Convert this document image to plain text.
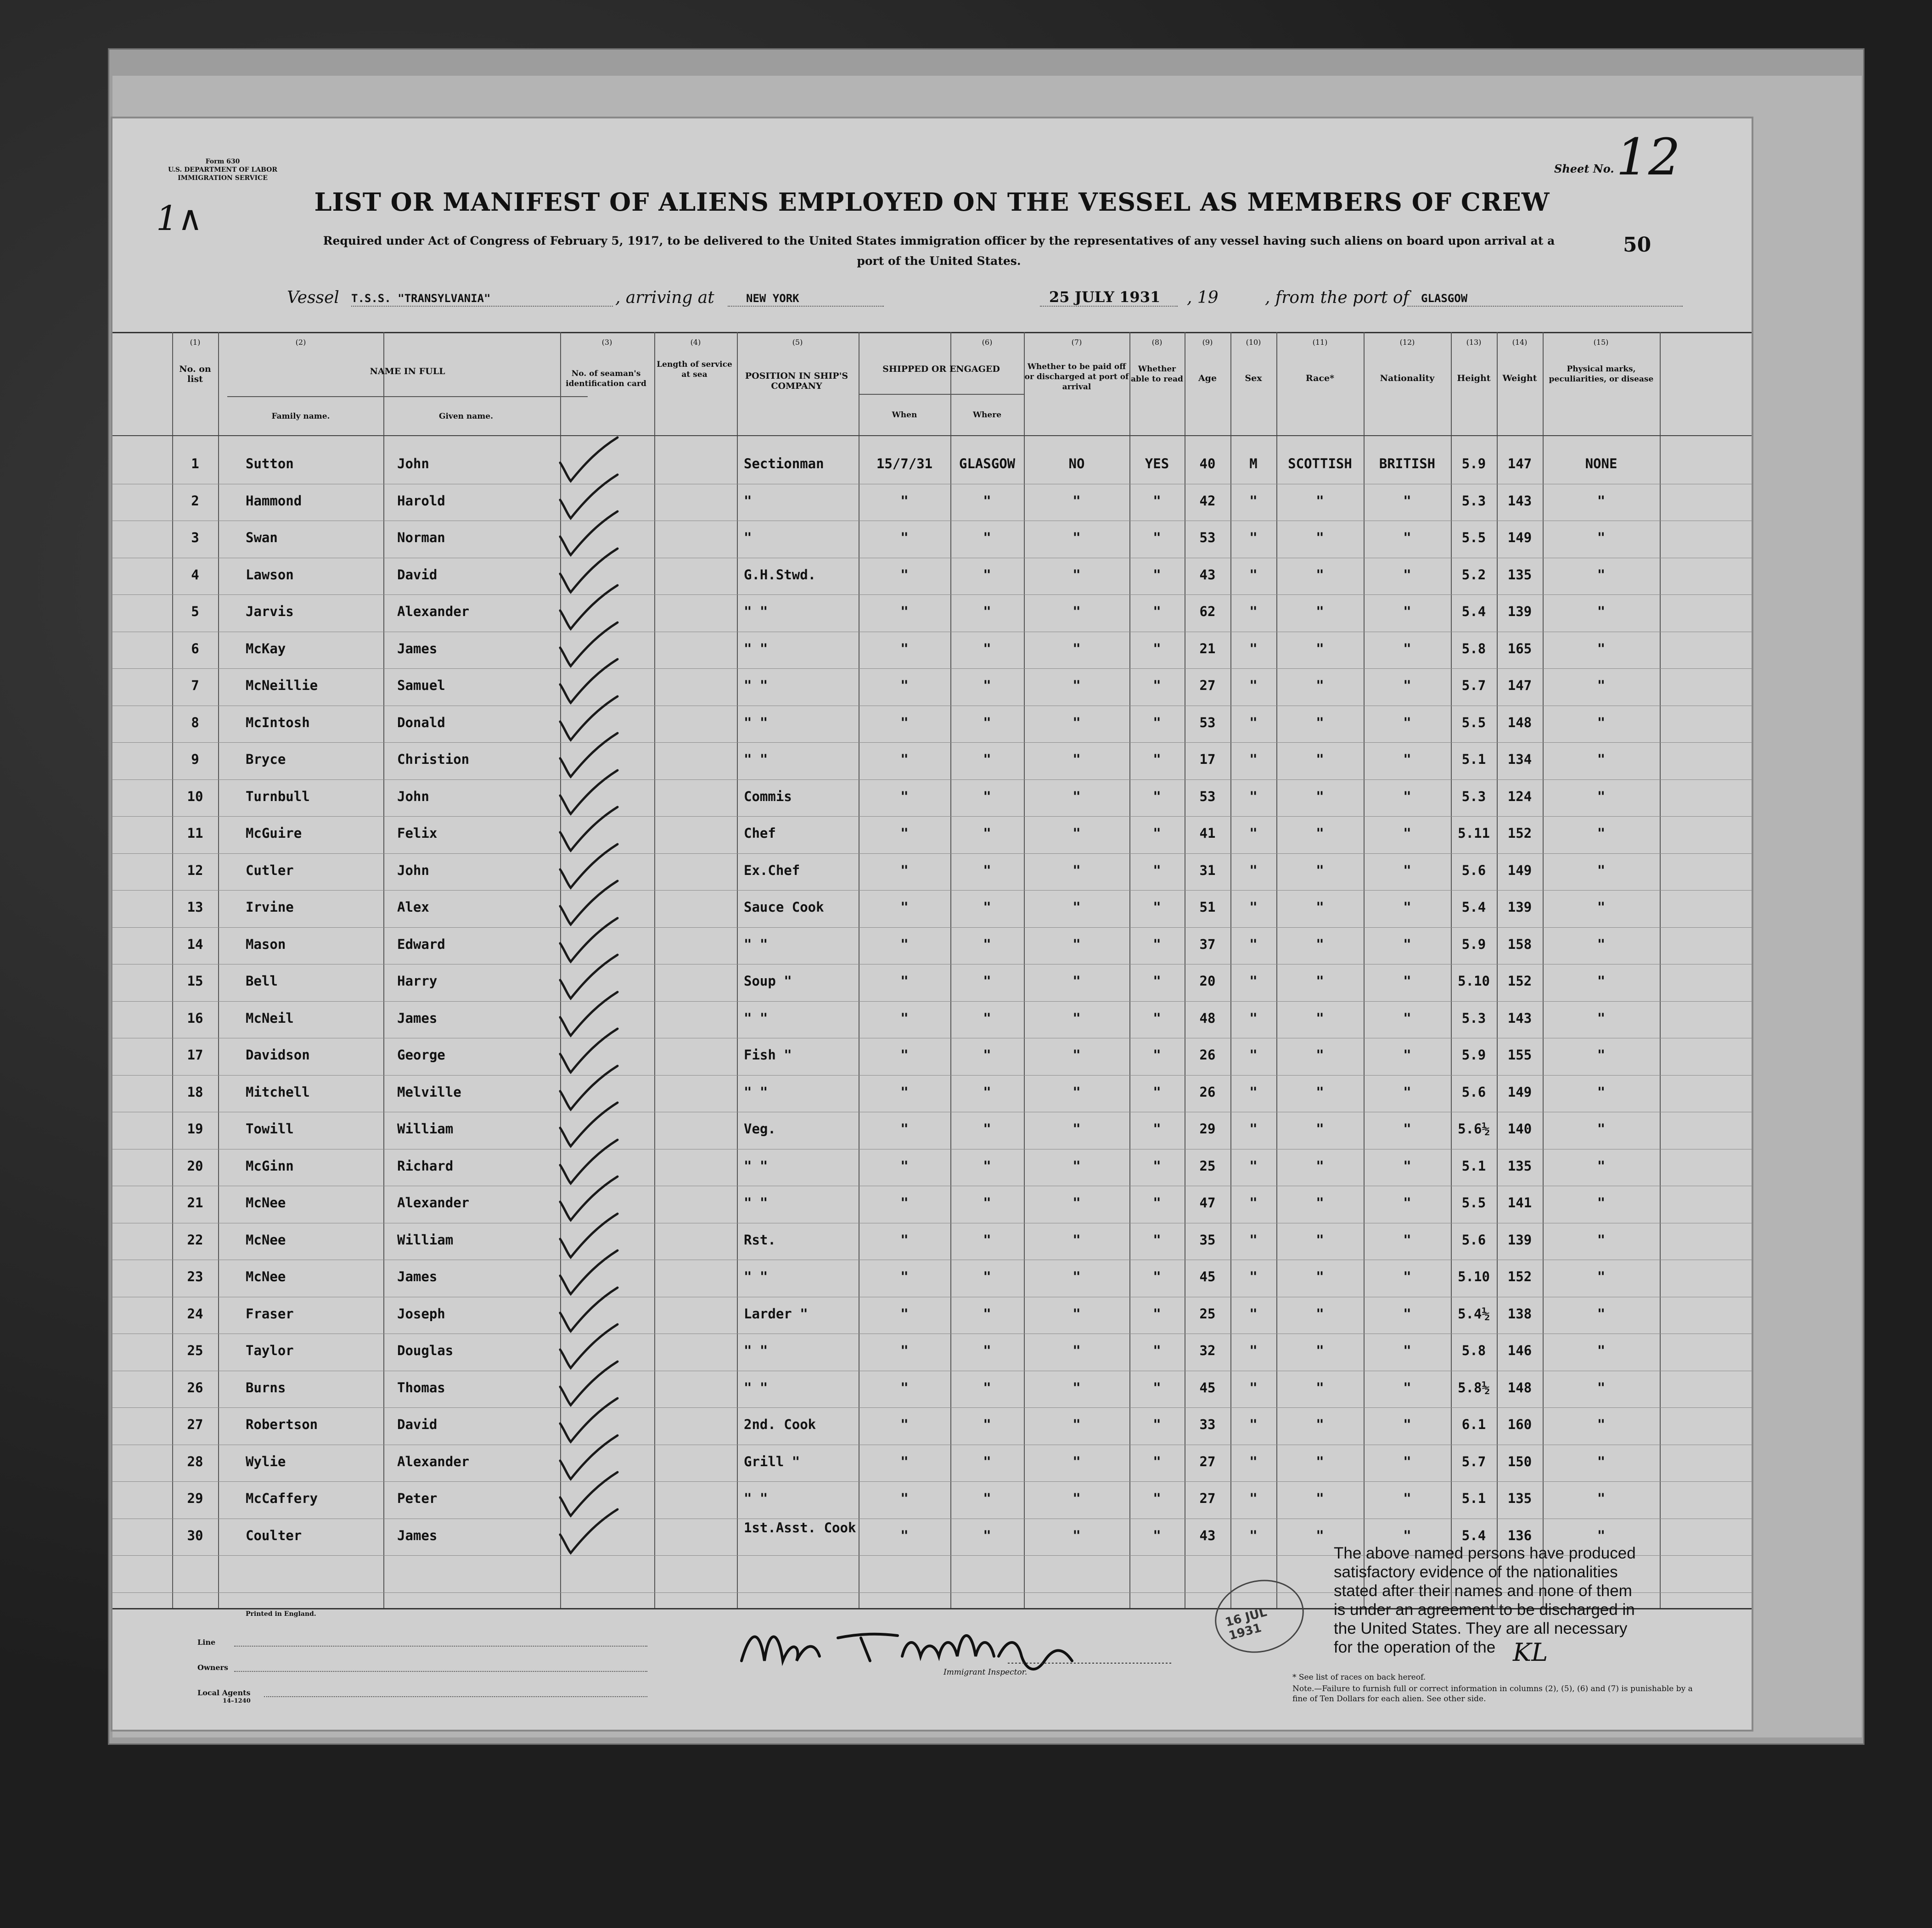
Form 630
U.S. DEPARTMENT OF LABOR
IMMIGRATION SERVICE
1∧
Sheet No. 12
LIST OR MANIFEST OF ALIENS EMPLOYED ON THE VESSEL AS MEMBERS OF CREW
Required under Act of Congress of February 5, 1917, to be delivered to the United States immigration officer by the representatives of any vessel having such aliens on board upon arrival at a port of the United States.
50
Vessel T.S.S. "TRANSYLVANIA"	, arriving at	NEW YORK	25 JULY 1931 , 19	, from the port of GLASGOW
(1)	(2)	(3)	(4)	(5)	(6)	(7)	(8)	(9)	(10)	(11)	(12)	(13)	(14)	(15)
No. on list
NAME IN FULL
Family name.	Given name.
No. of seaman's identification card
Length of service at sea	POSITION IN SHIP'S COMPANY
SHIPPED OR ENGAGED
When	Where
Whether to be paid off or discharged at port of arrival
Whether able to read	Age	Sex	Race*	Nationality	Height	Weight
Physical marks, peculiarities, or disease
1	Sutton	John	Sectionman	15/7/31	GLASGOW	NO	YES	40	M	SCOTTISH	BRITISH	5.9	147	NONE
2	Hammond	Harold	"	"	"	"	"	42	"	"	"	5.3	143	"
3	Swan	Norman	"	"	"	"	"	53	"	"	"	5.5	149	"
4	Lawson	David	G.H.Stwd.	"	"	"	"	43	"	"	"	5.2	135	"
5	Jarvis	Alexander	" "	"	"	"	"	62	"	"	"	5.4	139	"
6	McKay	James	" "	"	"	"	"	21	"	"	"	5.8	165	"
7	McNeillie	Samuel	" "	"	"	"	"	27	"	"	"	5.7	147	"
8	McIntosh	Donald	" "	"	"	"	"	53	"	"	"	5.5	148	"
9	Bryce	Christion	" "	"	"	"	"	17	"	"	"	5.1	134	"
10	Turnbull	John	Commis	"	"	"	"	53	"	"	"	5.3	124	"
11	McGuire	Felix	Chef	"	"	"	"	41	"	"	"	5.11	152	"
12	Cutler	John	Ex.Chef	"	"	"	"	31	"	"	"	5.6	149	"
13	Irvine	Alex	Sauce Cook	"	"	"	"	51	"	"	"	5.4	139	"
14	Mason	Edward	" "	"	"	"	"	37	"	"	"	5.9	158	"
15	Bell	Harry	Soup "	"	"	"	"	20	"	"	"	5.10	152	"
16	McNeil	James	" "	"	"	"	"	48	"	"	"	5.3	143	"
17	Davidson	George	Fish "	"	"	"	"	26	"	"	"	5.9	155	"
18	Mitchell	Melville	" "	"	"	"	"	26	"	"	"	5.6	149	"
19	Towill	William	Veg.	"	"	"	"	29	"	"	"	5.6½	140	"
20	McGinn	Richard	" "	"	"	"	"	25	"	"	"	5.1	135	"
21	McNee	Alexander	" "	"	"	"	"	47	"	"	"	5.5	141	"
22	McNee	William	Rst.	"	"	"	"	35	"	"	"	5.6	139	"
23	McNee	James	" "	"	"	"	"	45	"	"	"	5.10	152	"
24	Fraser	Joseph	Larder "	"	"	"	"	25	"	"	"	5.4½	138	"
25	Taylor	Douglas	" "	"	"	"	"	32	"	"	"	5.8	146	"
26	Burns	Thomas	" "	"	"	"	"	45	"	"	"	5.8½	148	"
27	Robertson	David	2nd. Cook	"	"	"	"	33	"	"	"	6.1	160	"
28	Wylie	Alexander	Grill "	"	"	"	"	27	"	"	"	5.7	150	"
29	McCaffery	Peter	" "	"	"	"	"	27	"	"	"	5.1	135	"
30	Coulter	James	1st.Asst. Cook	"	"	"	"	43	"	"	"	5.4	136	"
Printed in England.
Line
Owners
Local Agents
14–1240
Immigrant Inspector.
16 JUL 1931
The above named persons have produced satisfactory evidence of the nationalities stated after their names and none of them is under an agreement to be discharged in the United States. They are all necessary for the operation of the KL
* See list of races on back hereof.
Note.—Failure to furnish full or correct information in columns (2), (5), (6) and (7) is punishable by a fine of Ten Dollars for each alien. See other side.
